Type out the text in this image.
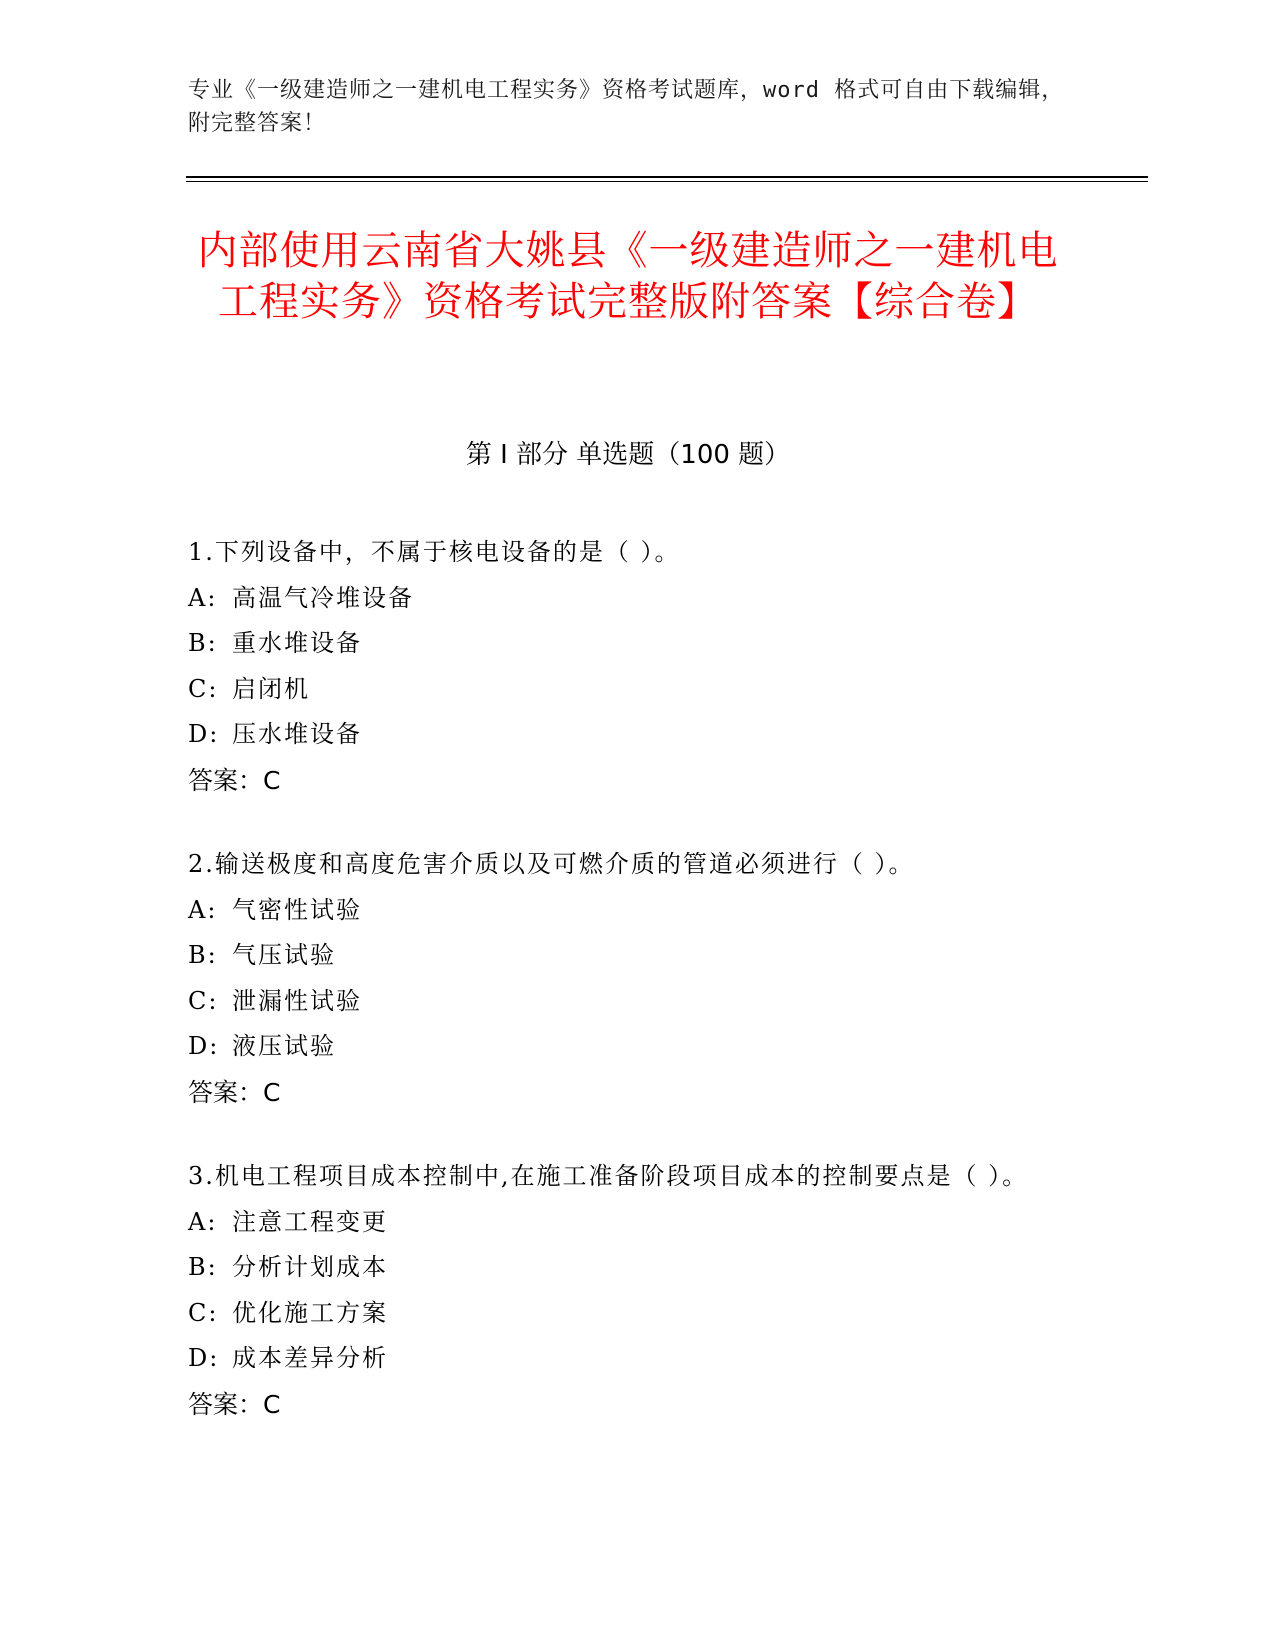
专业《一级建造师之一建机电工程实务》资格考试题库，word 格式可自由下载编辑，附完整答案！
内部使用云南省大姚县《一级建造师之一建机电工程实务》资格考试完整版附答案【综合卷】
第 I 部分 单选题（100 题）

1.下列设备中，不属于核电设备的是（ ）。

A: 高温气冷堆设备

B: 重水堆设备

C: 启闭机

D: 压水堆设备

答案：C

2.输送极度和高度危害介质以及可燃介质的管道必须进行（ ）。

A: 气密性试验

B: 气压试验

C: 泄漏性试验

D: 液压试验

答案：C

3.机电工程项目成本控制中,在施工准备阶段项目成本的控制要点是（ ）。

A: 注意工程变更

B: 分析计划成本

C: 优化施工方案

D: 成本差异分析

答案：C
